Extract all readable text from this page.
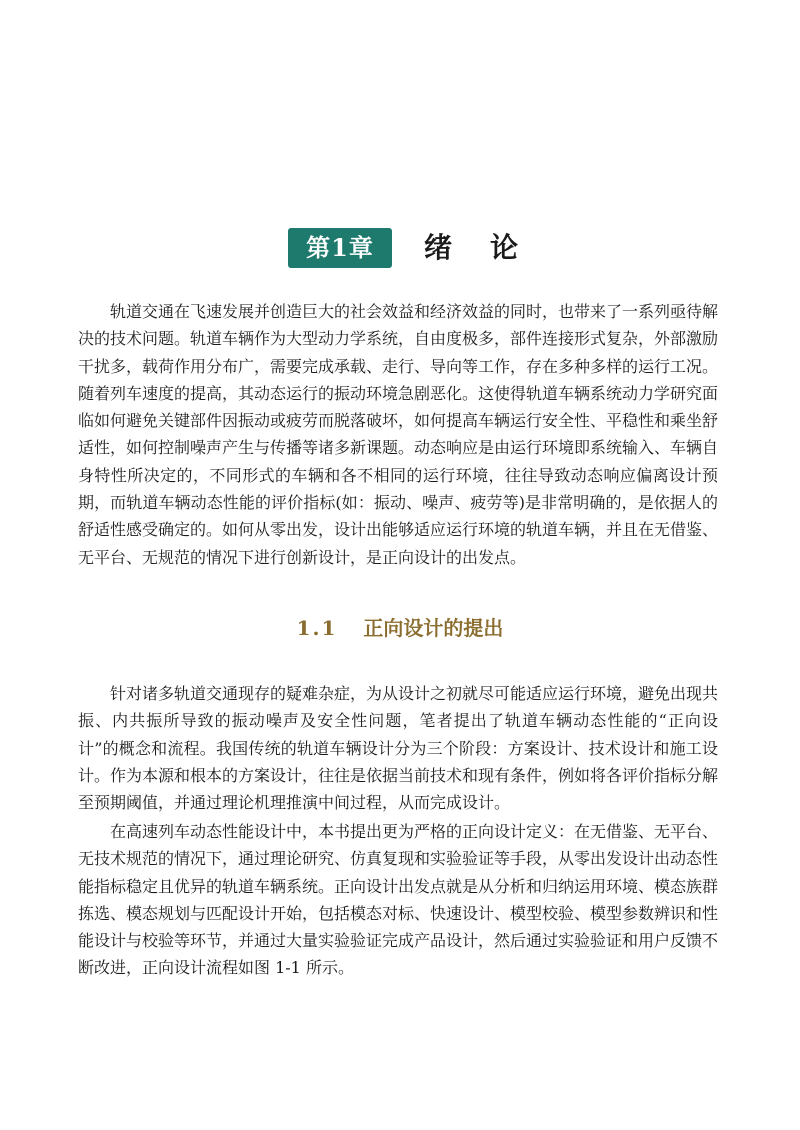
第1章	绪论

轨道交通在飞速发展并创造巨大的社会效益和经济效益的同时，也带来了一系列亟待解决的技术问题。轨道车辆作为大型动力学系统，自由度极多，部件连接形式复杂，外部激励干扰多，载荷作用分布广，需要完成承载、走行、导向等工作，存在多种多样的运行工况。随着列车速度的提高，其动态运行的振动环境急剧恶化。这使得轨道车辆系统动力学研究面临如何避免关键部件因振动或疲劳而脱落破坏，如何提高车辆运行安全性、平稳性和乘坐舒适性，如何控制噪声产生与传播等诸多新课题。动态响应是由运行环境即系统输入、车辆自身特性所决定的，不同形式的车辆和各不相同的运行环境，往往导致动态响应偏离设计预期，而轨道车辆动态性能的评价指标(如：振动、噪声、疲劳等)是非常明确的，是依据人的舒适性感受确定的。如何从零出发，设计出能够适应运行环境的轨道车辆，并且在无借鉴、无平台、无规范的情况下进行创新设计，是正向设计的出发点。

1.1 正向设计的提出

针对诸多轨道交通现存的疑难杂症，为从设计之初就尽可能适应运行环境，避免出现共振、内共振所导致的振动噪声及安全性问题，笔者提出了轨道车辆动态性能的“正向设计”的概念和流程。我国传统的轨道车辆设计分为三个阶段：方案设计、技术设计和施工设计。作为本源和根本的方案设计，往往是依据当前技术和现有条件，例如将各评价指标分解至预期阈值，并通过理论机理推演中间过程，从而完成设计。

在高速列车动态性能设计中，本书提出更为严格的正向设计定义：在无借鉴、无平台、无技术规范的情况下，通过理论研究、仿真复现和实验验证等手段，从零出发设计出动态性能指标稳定且优异的轨道车辆系统。正向设计出发点就是从分析和归纳运用环境、模态族群拣选、模态规划与匹配设计开始，包括模态对标、快速设计、模型校验、模型参数辨识和性能设计与校验等环节，并通过大量实验验证完成产品设计，然后通过实验验证和用户反馈不断改进，正向设计流程如图 1-1 所示。
